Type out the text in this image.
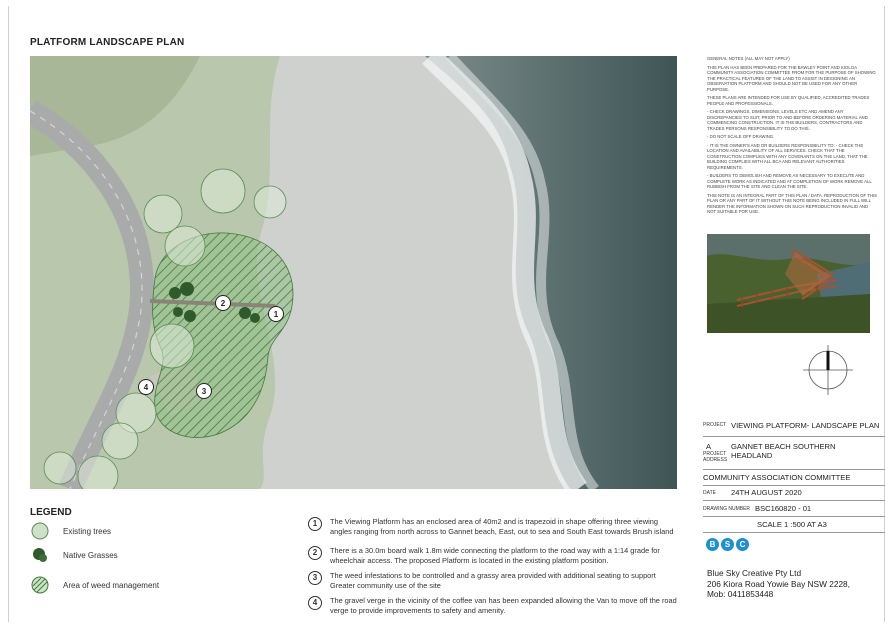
PLATFORM LANDSCAPE PLAN
1
2
3
4
LEGEND
Existing trees
Native Grasses
Area of weed management
1	The Viewing Platform has an enclosed area of 40m2 and is trapezoid in shape offering three viewing angles ranging from north across to Gannet beach, East, out to sea and South East towards Brush island
2	There is a 30.0m board walk 1.8m wide connecting the platform to the road way with a 1:14 grade for wheelchair access. The proposed Platform is located in the existing platform position.
3	The weed infestations to be controlled and a grassy area provided with additional seating to support Greater community use of the site
4	The gravel verge in the vicinity of the coffee van has been expanded allowing the Van to move off the road verge to provide improvements to safety and amenity.

GENERAL NOTES (ALL MAY NOT APPLY)

THIS PLAN HAS BEEN PREPARED FOR THE BAWLEY POINT AND KIOLOA COMMUNITY ASSOCIATION COMMITTEE FROM FOR THE PURPOSE OF SHOWING THE PRACTICAL FEATURES OF THE LAND TO ASSIST IN DESIGNING AN OBSERVATION PLATFORM AND SHOULD NOT BE USED FOR ANY OTHER PURPOSE.

THESE PLANS ARE INTENDED FOR USE BY QUALIFIED, ACCREDITED TRADES PEOPLE AND PROFESSIONALS.

- CHECK DRAWINGS, DIMENSIONS, LEVELS ETC AND AMEND ANY DISCREPANCIES TO SUIT, PRIOR TO AND BEFORE ORDERING MATERIAL AND COMMENCING CONSTRUCTION. IT IS THE BUILDERS, CONTRACTORS AND TRADES PERSONS RESPONSIBILITY TO DO THIS.

- DO NOT SCALE OFF DRAWING.

- IT IS THE OWNER'S AND OR BUILDERS RESPONSIBILITY TO: - CHECK THE LOCATION AND AVAILABILITY OF ALL SERVICES. CHECK THAT THE CONSTRUCTION COMPLIES WITH ANY COVENANTS ON THE LAND, THAT THE BUILDING COMPLIES WITH ALL BCA AND RELEVANT AUTHORITIES REQUIREMENTS.

- BUILDERS TO DEMOLISH AND REMOVE AS NECESSARY TO EXECUTE AND COMPLETE WORK AS INDICATED AND AT COMPLETION OF WORK REMOVE ALL RUBBISH FROM THE SITE AND CLEAN THE SITE.

THIS NOTE IS AN INTEGRAL PART OF THIS PLAN / DATA. REPRODUCTION OF THIS PLAN OR ANY PART OF IT WITHOUT THIS NOTE BEING INCLUDED IN FULL WILL RENDER THE INFORMATION SHOWN ON SUCH REPRODUCTION INVALID AND NOT SUITABLE FOR USE.

PROJECT VIEWING PLATFORM- LANDSCAPE PLAN
A
PROJECT ADDRESS
GANNET BEACH SOUTHERN HEADLAND
COMMUNITY ASSOCIATION COMMITTEE
DATE	24TH AUGUST 2020
DRAWING NUMBER BSC160820 - 01
SCALE 1 :500 AT A3
B	S	C
Blue Sky Creative Pty Ltd
206 Kiora Road Yowie Bay NSW 2228,
Mob: 0411853448
